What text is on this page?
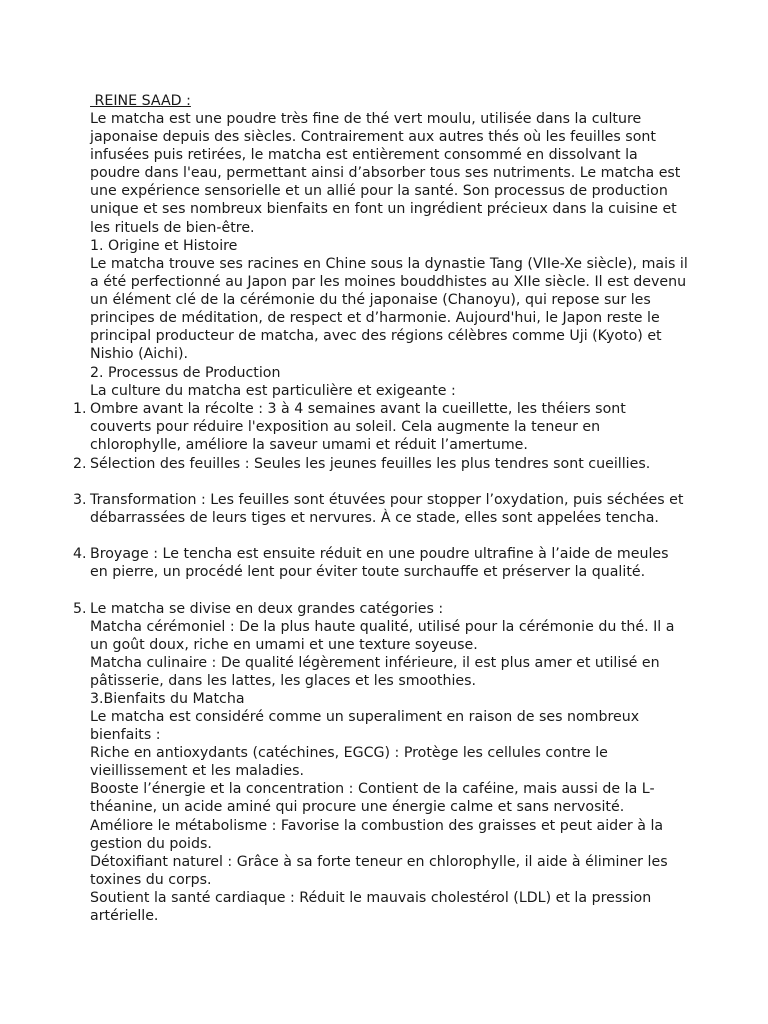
REINE SAAD :

Le matcha est une poudre très fine de thé vert moulu, utilisée dans la culture japonaise depuis des siècles. Contrairement aux autres thés où les feuilles sont infusées puis retirées, le matcha est entièrement consommé en dissolvant la poudre dans l'eau, permettant ainsi d’absorber tous ses nutriments. Le matcha est une expérience sensorielle et un allié pour la santé. Son processus de production unique et ses nombreux bienfaits en font un ingrédient précieux dans la cuisine et les rituels de bien-être.

1. Origine et Histoire

Le matcha trouve ses racines en Chine sous la dynastie Tang (VIIe-Xe siècle), mais il a été perfectionné au Japon par les moines bouddhistes au XIIe siècle. Il est devenu un élément clé de la cérémonie du thé japonaise (Chanoyu), qui repose sur les principes de méditation, de respect et d’harmonie. Aujourd'hui, le Japon reste le principal producteur de matcha, avec des régions célèbres comme Uji (Kyoto) et Nishio (Aichi).

2. Processus de Production

La culture du matcha est particulière et exigeante :

1. Ombre avant la récolte : 3 à 4 semaines avant la cueillette, les théiers sont couverts pour réduire l'exposition au soleil. Cela augmente la teneur en chlorophylle, améliore la saveur umami et réduit l’amertume.
2. Sélection des feuilles : Seules les jeunes feuilles les plus tendres sont cueillies.
3. Transformation : Les feuilles sont étuvées pour stopper l’oxydation, puis séchées et débarrassées de leurs tiges et nervures. À ce stade, elles sont appelées tencha.
4. Broyage : Le tencha est ensuite réduit en une poudre ultrafine à l’aide de meules en pierre, un procédé lent pour éviter toute surchauffe et préserver la qualité.
5. Le matcha se divise en deux grandes catégories :

Matcha cérémoniel : De la plus haute qualité, utilisé pour la cérémonie du thé. Il a un goût doux, riche en umami et une texture soyeuse.

Matcha culinaire : De qualité légèrement inférieure, il est plus amer et utilisé en pâtisserie, dans les lattes, les glaces et les smoothies.

3.Bienfaits du Matcha

Le matcha est considéré comme un superaliment en raison de ses nombreux bienfaits :

Riche en antioxydants (catéchines, EGCG) : Protège les cellules contre le vieillissement et les maladies.

Booste l’énergie et la concentration : Contient de la caféine, mais aussi de la L-théanine, un acide aminé qui procure une énergie calme et sans nervosité.

Améliore le métabolisme : Favorise la combustion des graisses et peut aider à la gestion du poids.

Détoxifiant naturel : Grâce à sa forte teneur en chlorophylle, il aide à éliminer les toxines du corps.

Soutient la santé cardiaque : Réduit le mauvais cholestérol (LDL) et la pression artérielle.
